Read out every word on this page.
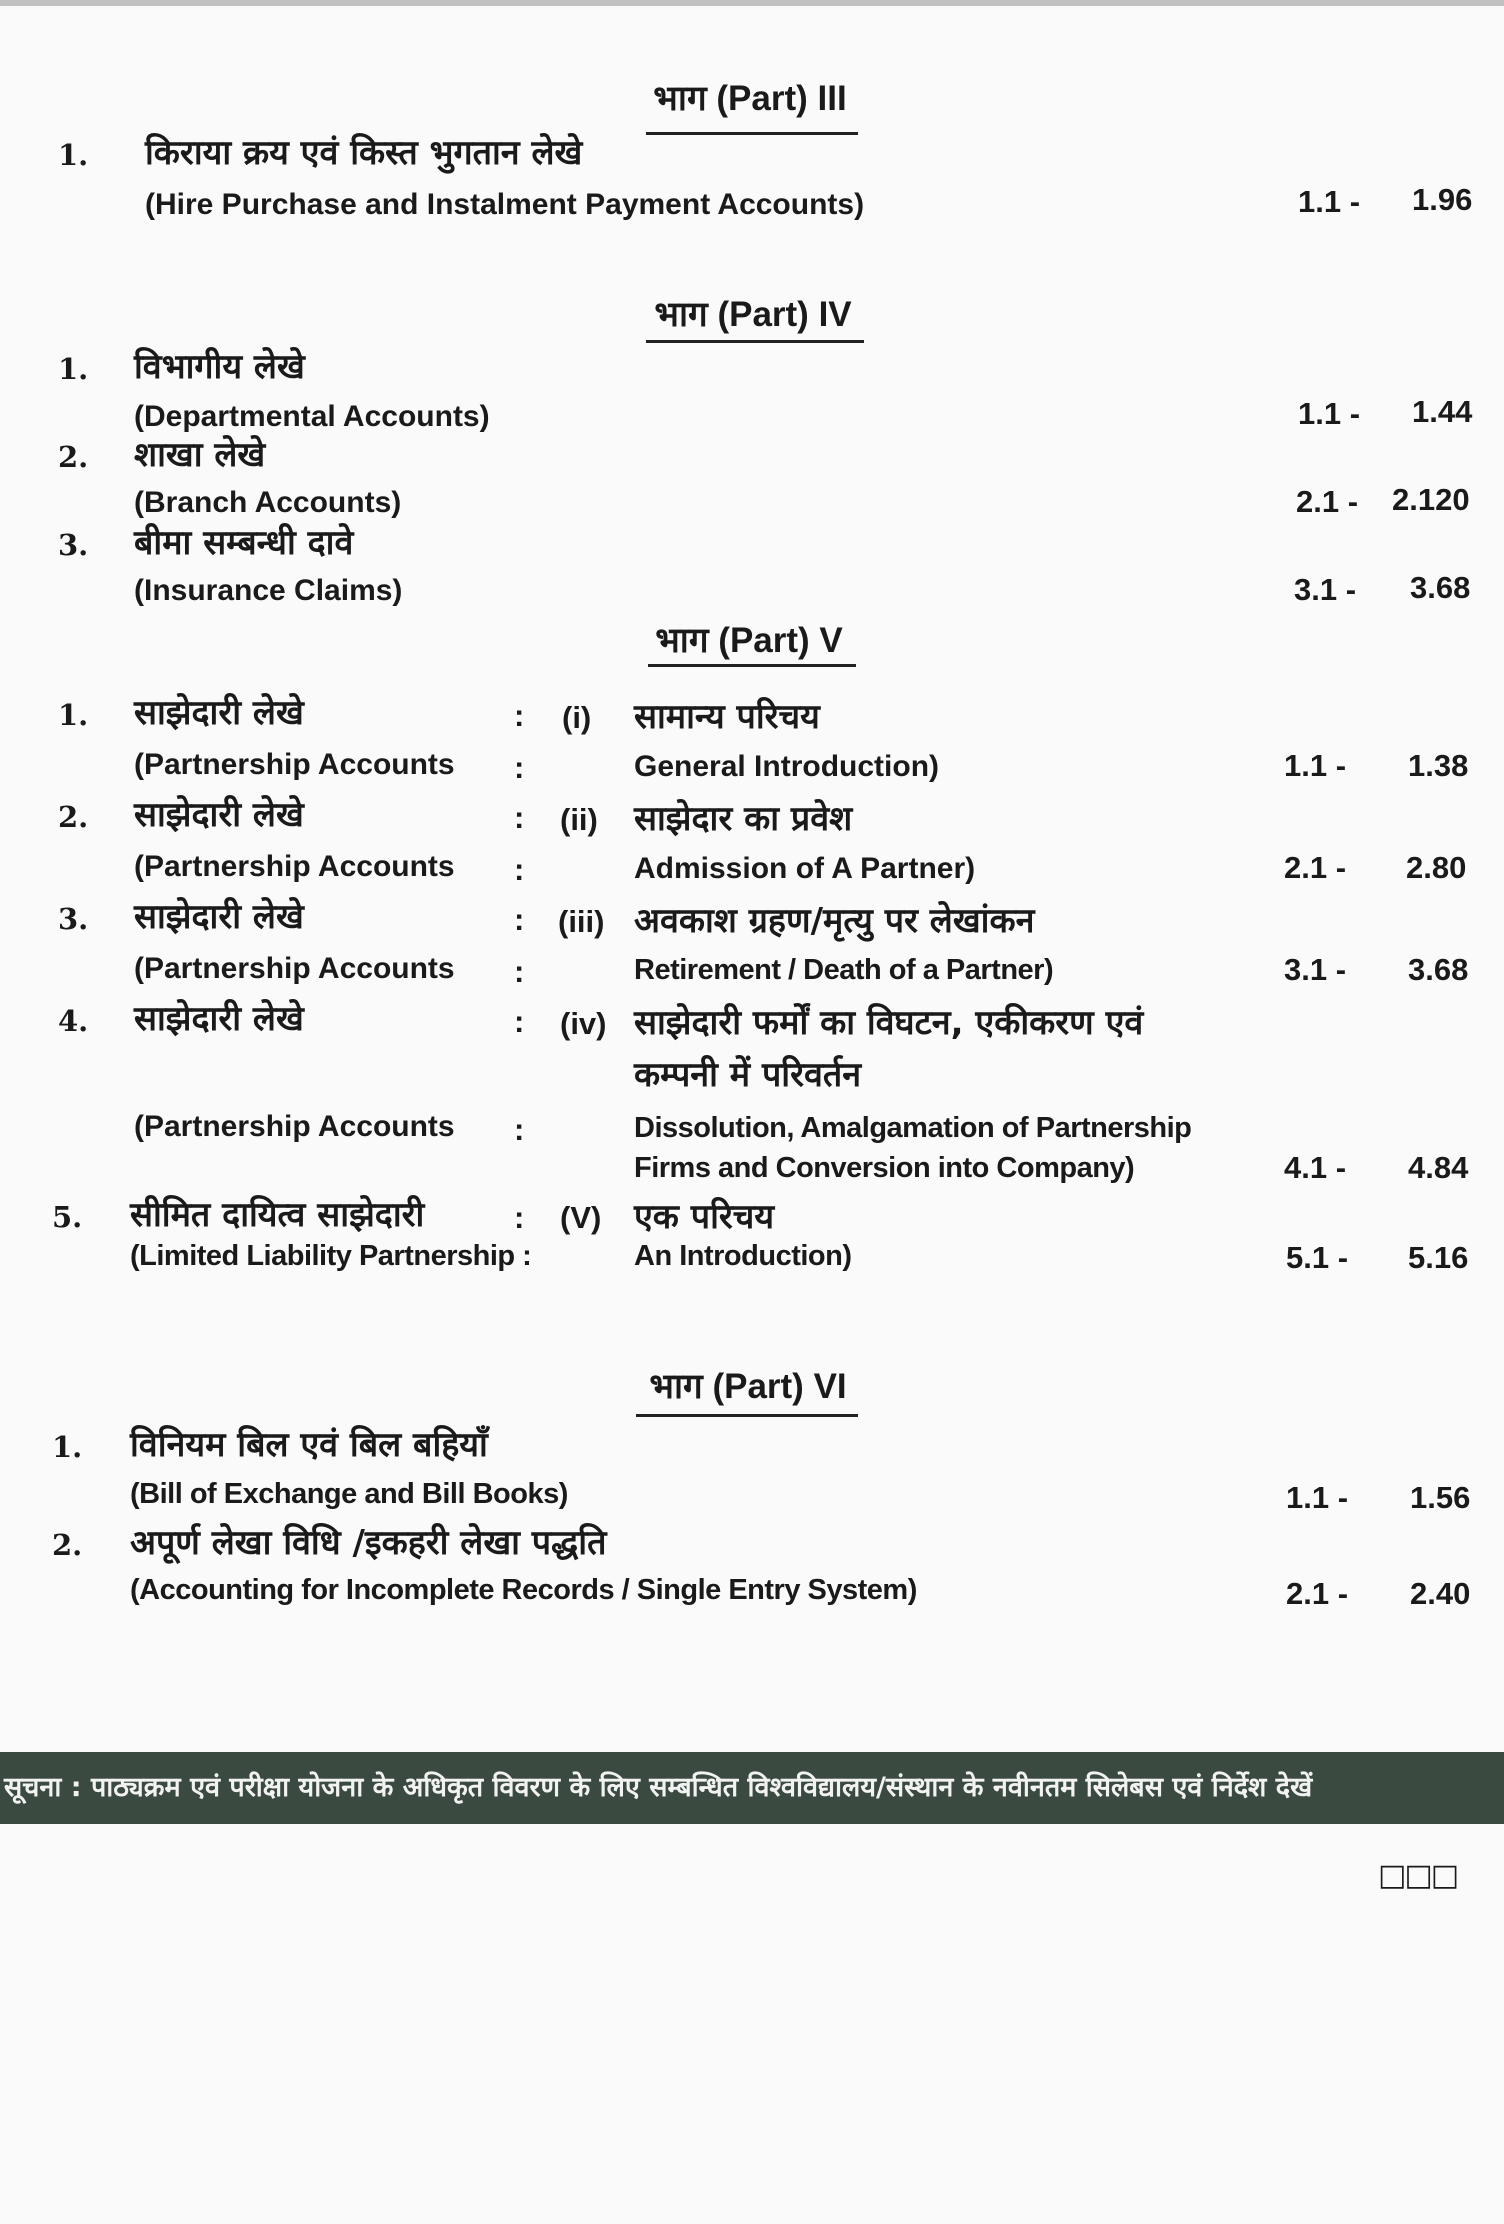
भाग (Part) III
1. किराया क्रय एवं किस्त भुगतान लेखे
(Hire Purchase and Instalment Payment Accounts)	1.1 - 1.96
भाग (Part) IV
1. विभागीय लेखे
(Departmental Accounts)	1.1 - 1.44
2. शाखा लेखे
(Branch Accounts)	2.1 - 2.120
3. बीमा सम्बन्धी दावे
(Insurance Claims)	3.1 - 3.68
भाग (Part) V
1. साझेदारी लेखे	: (i) सामान्य परिचय
(Partnership Accounts :	General Introduction)	1.1 - 1.38
2. साझेदारी लेखे	: (ii) साझेदार का प्रवेश
(Partnership Accounts :	Admission of A Partner)	2.1 - 2.80
3. साझेदारी लेखे	: (iii) अवकाश ग्रहण/मृत्यु पर लेखांकन
(Partnership Accounts :	Retirement / Death of a Partner)	3.1 - 3.68
4. साझेदारी लेखे	: (iv) साझेदारी फर्मों का विघटन, एकीकरण एवं
कम्पनी में परिवर्तन
(Partnership Accounts :	Dissolution, Amalgamation of Partnership
Firms and Conversion into Company)	4.1 - 4.84
5. सीमित दायित्व साझेदारी	: (V) एक परिचय
(Limited Liability Partnership :	An Introduction)	5.1 - 5.16
भाग (Part) VI
1. विनियम बिल एवं बिल बहियाँ
(Bill of Exchange and Bill Books)	1.1 - 1.56
2. अपूर्ण लेखा विधि /इकहरी लेखा पद्धति
(Accounting for Incomplete Records / Single Entry System)	2.1 - 2.40
सूचना : पाठ्यक्रम एवं परीक्षा योजना के अधिकृत विवरण के लिए सम्बन्धित विश्वविद्यालय/संस्थान के नवीनतम सिलेबस एवं निर्देश देखें
□□□
